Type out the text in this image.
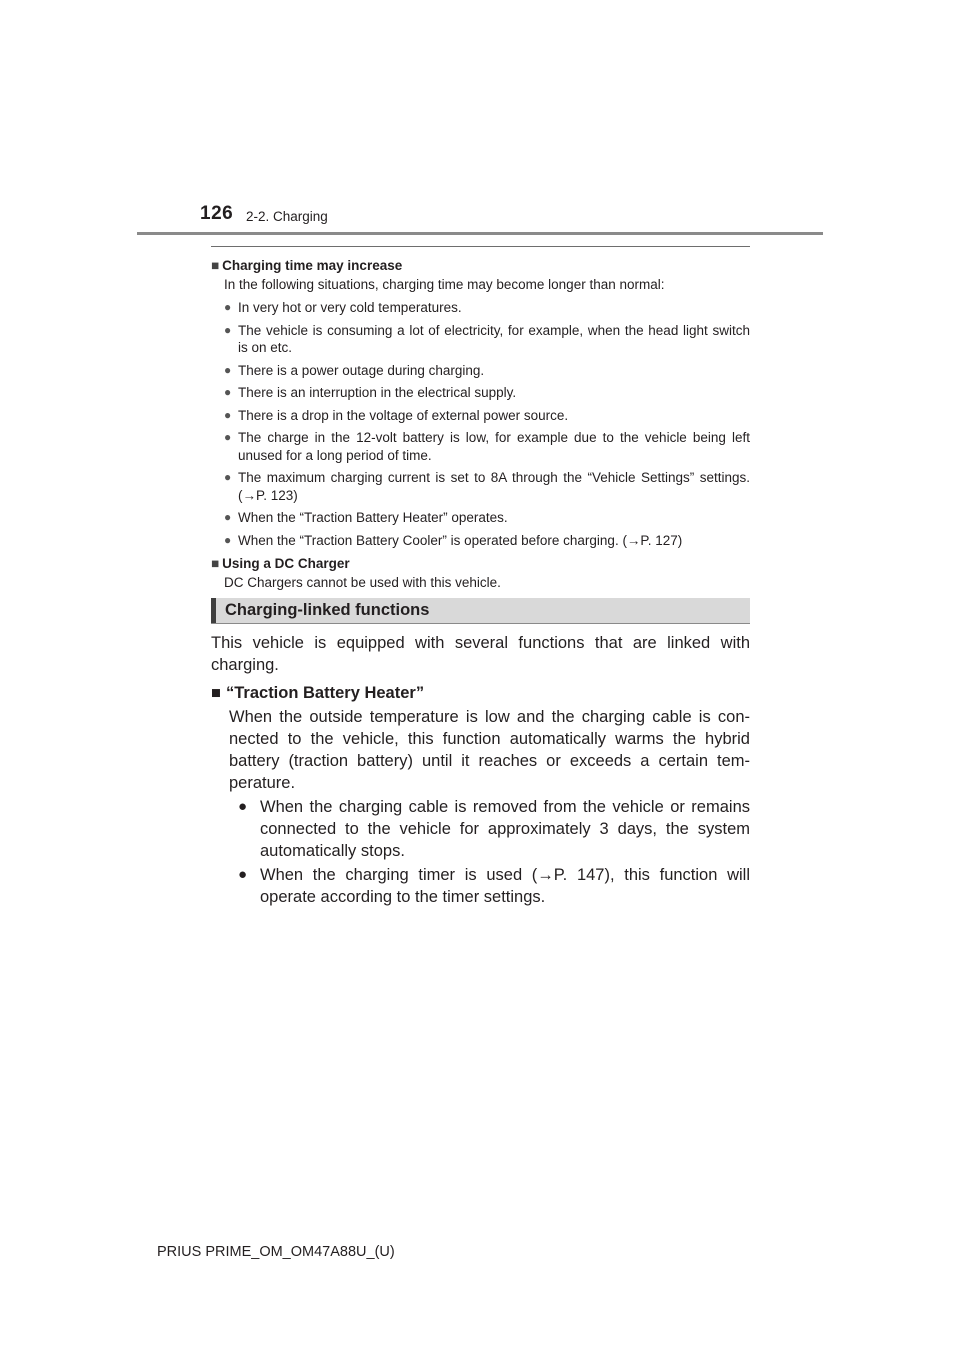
126 2-2. Charging
■ Charging time may increase
In the following situations, charging time may become longer than normal:
● In very hot or very cold temperatures.
● The vehicle is consuming a lot of electricity, for example, when the head light switch is on etc.
● There is a power outage during charging.
● There is an interruption in the electrical supply.
● There is a drop in the voltage of external power source.
● The charge in the 12-volt battery is low, for example due to the vehicle being left unused for a long period of time.
● The maximum charging current is set to 8A through the “Vehicle Settings” settings. (→P. 123)
● When the “Traction Battery Heater” operates.
● When the “Traction Battery Cooler” is operated before charging. (→P. 127)
■ Using a DC Charger
DC Chargers cannot be used with this vehicle.
Charging-linked functions
This vehicle is equipped with several functions that are linked with charging.
■ “Traction Battery Heater”
When the outside temperature is low and the charging cable is con-nected to the vehicle, this function automatically warms the hybrid battery (traction battery) until it reaches or exceeds a certain tem-perature.
● When the charging cable is removed from the vehicle or remains connected to the vehicle for approximately 3 days, the system automatically stops.
● When the charging timer is used (→P. 147), this function will operate according to the timer settings.
PRIUS PRIME_OM_OM47A88U_(U)
